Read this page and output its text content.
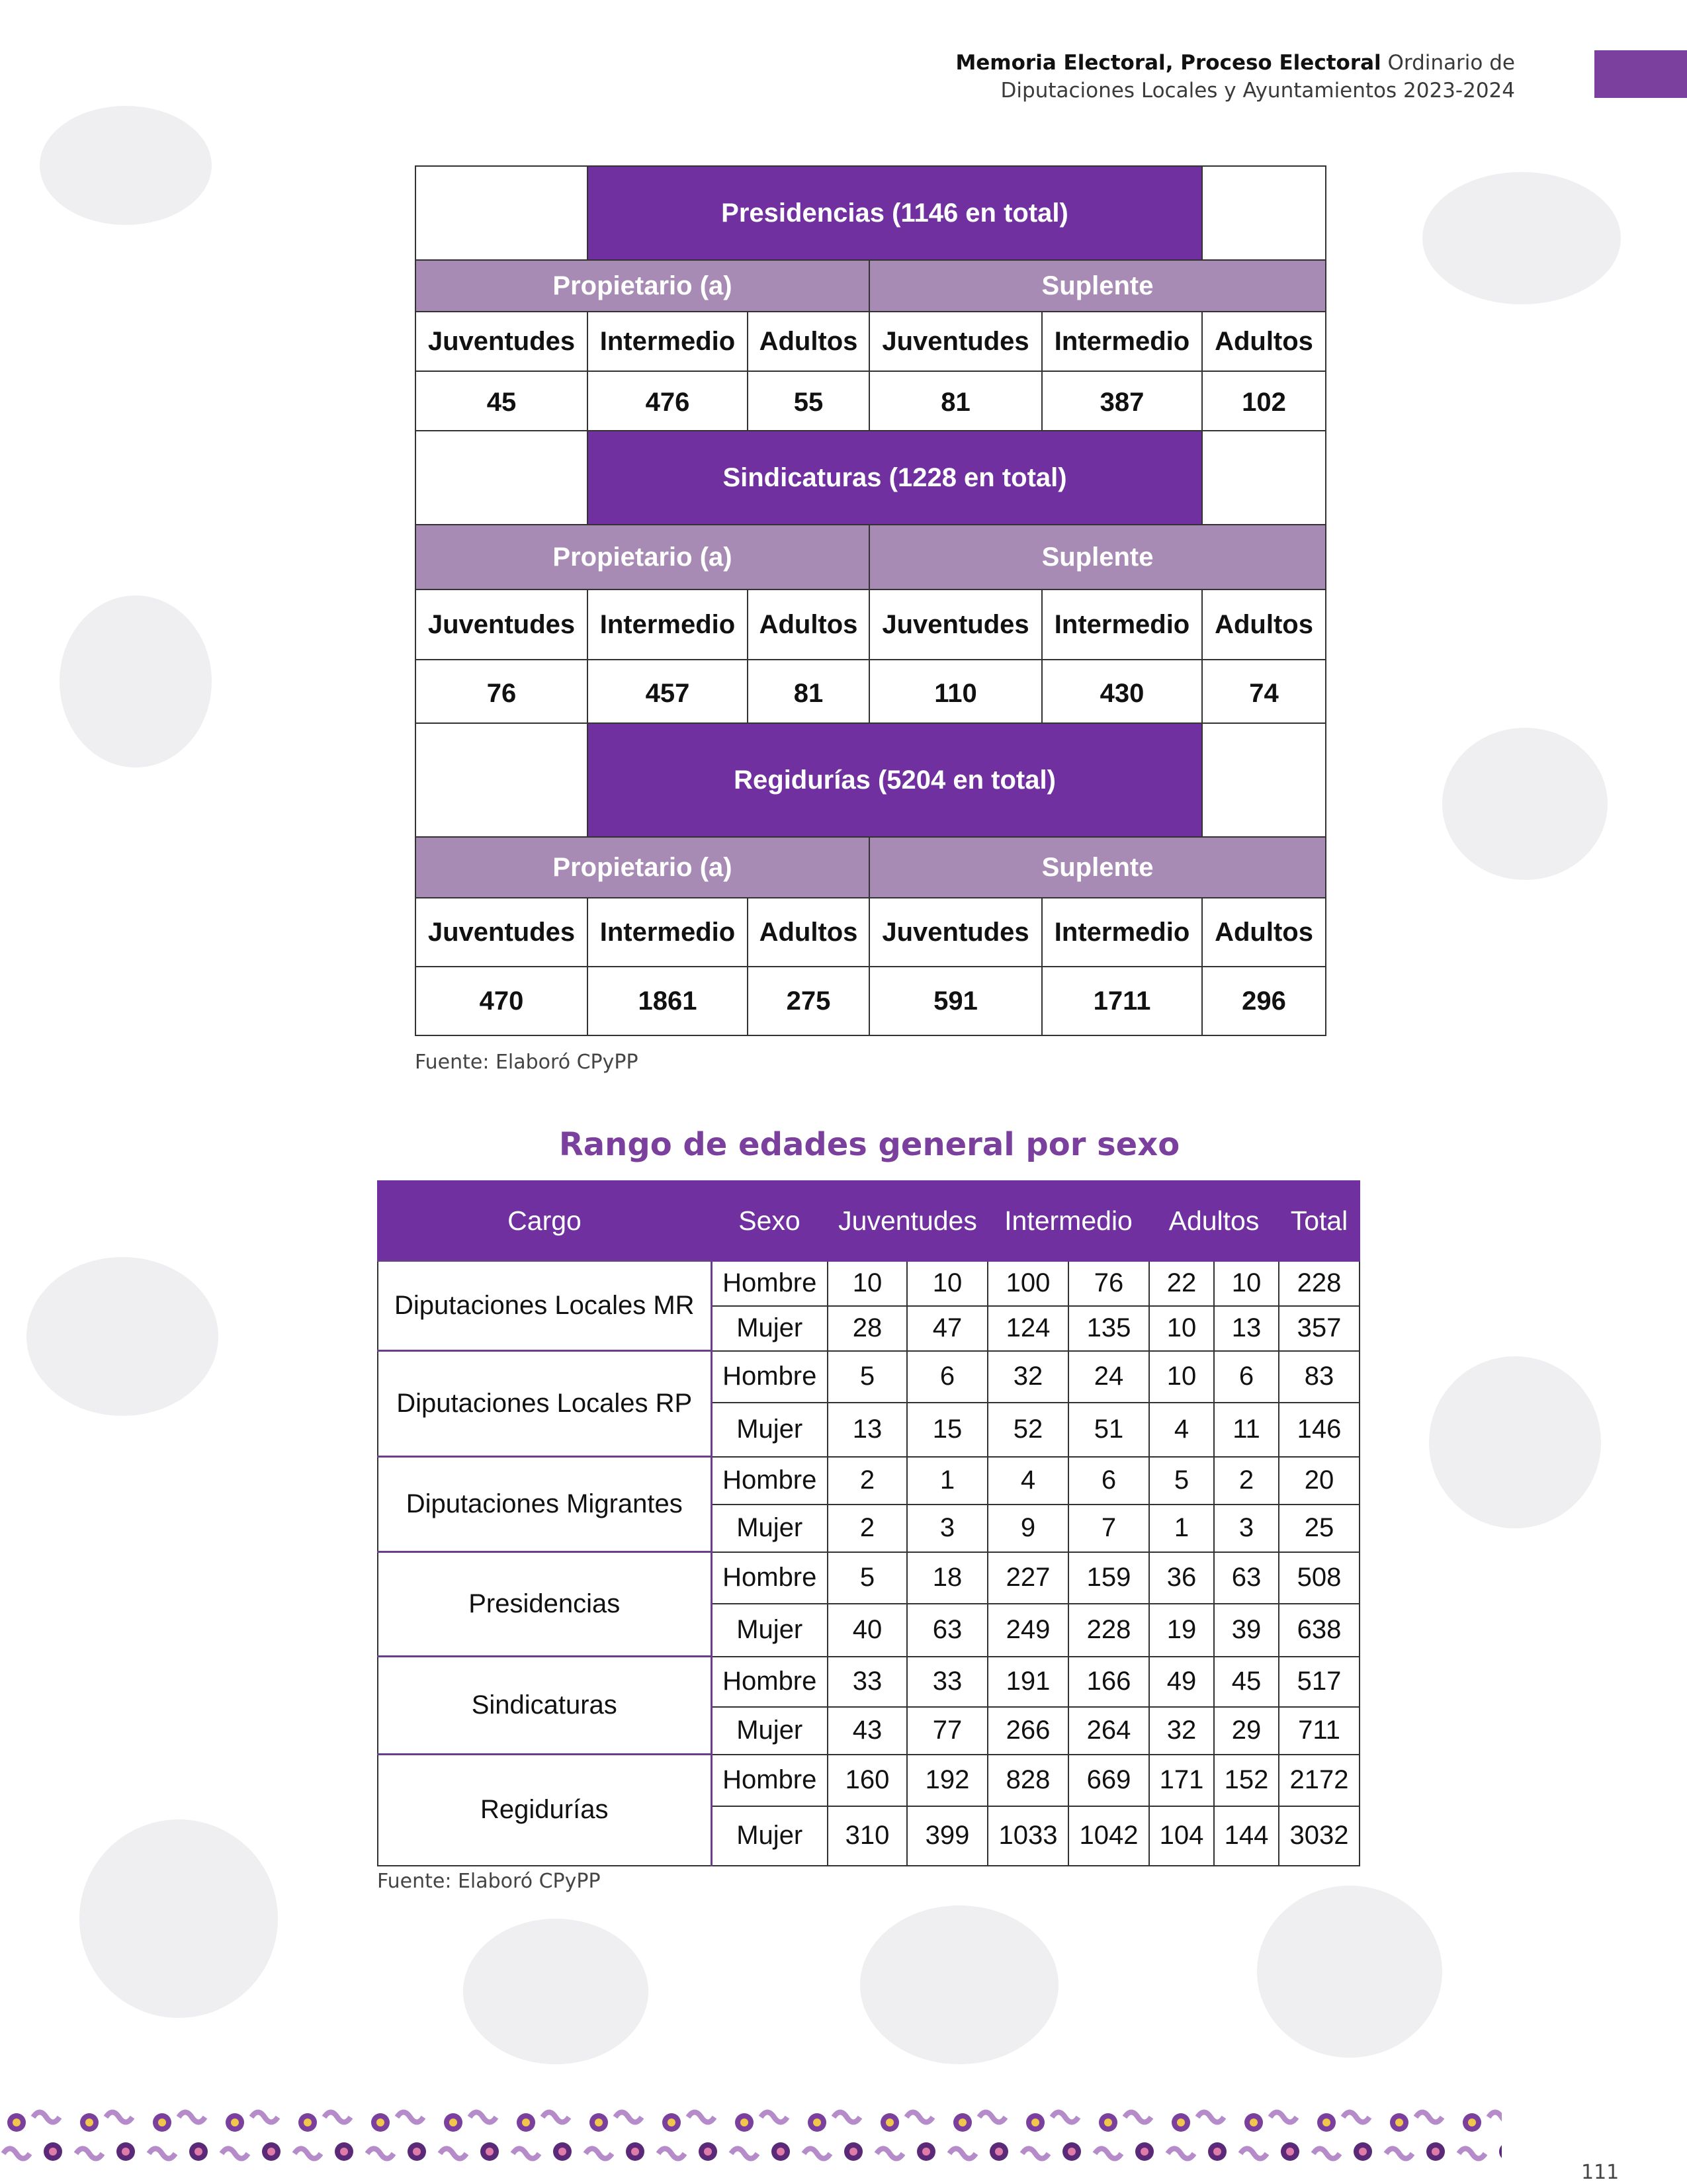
Memoria Electoral, Proceso Electoral Ordinario de
Diputaciones Locales y Ayuntamientos 2023-2024
	Presidencias (1146 en total)				
Propietario (a)			Suplente		
Juventudes	Intermedio	Adultos	Juventudes	Intermedio	Adultos
45	476	55	81	387	102
	Sindicaturas (1228 en total)				
Propietario (a)			Suplente		
Juventudes	Intermedio	Adultos	Juventudes	Intermedio	Adultos
76	457	81	110	430	74
	Regidurías (5204 en total)				
Propietario (a)			Suplente		
Juventudes	Intermedio	Adultos	Juventudes	Intermedio	Adultos
470	1861	275	591	1711	296
Fuente: Elaboró CPyPP
Rango de edades general por sexo
Cargo	Sexo	Juventudes		Intermedio		Adultos		Total
Diputaciones Locales MR	Hombre	10	10	100	76	22	10	228
	Mujer	28	47	124	135	10	13	357
Diputaciones Locales RP	Hombre	5	6	32	24	10	6	83
	Mujer	13	15	52	51	4	11	146
Diputaciones Migrantes	Hombre	2	1	4	6	5	2	20
	Mujer	2	3	9	7	1	3	25
Presidencias	Hombre	5	18	227	159	36	63	508
	Mujer	40	63	249	228	19	39	638
Sindicaturas	Hombre	33	33	191	166	49	45	517
	Mujer	43	77	266	264	32	29	711
Regidurías	Hombre	160	192	828	669	171	152	2172
	Mujer	310	399	1033	1042	104	144	3032
Fuente: Elaboró CPyPP
111
